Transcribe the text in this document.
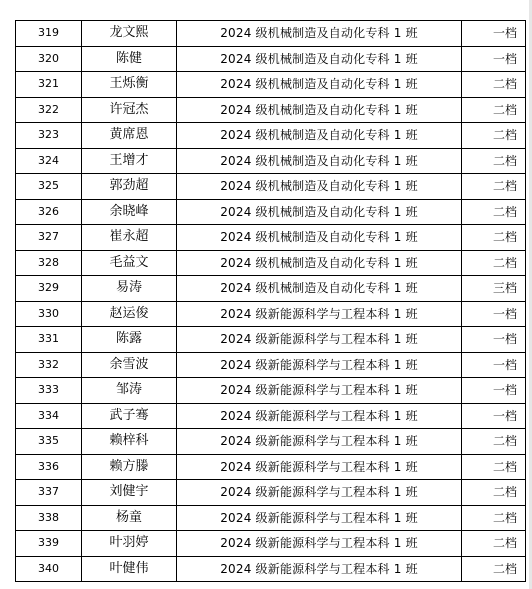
319	龙文熙	2024 级机械制造及自动化专科 1 班	一档
320	陈健	2024 级机械制造及自动化专科 1 班	一档
321	王烁衡	2024 级机械制造及自动化专科 1 班	二档
322	许冠杰	2024 级机械制造及自动化专科 1 班	二档
323	黄席恩	2024 级机械制造及自动化专科 1 班	二档
324	王增才	2024 级机械制造及自动化专科 1 班	二档
325	郭劲超	2024 级机械制造及自动化专科 1 班	二档
326	余晓峰	2024 级机械制造及自动化专科 1 班	二档
327	崔永超	2024 级机械制造及自动化专科 1 班	二档
328	毛益文	2024 级机械制造及自动化专科 1 班	二档
329	易涛	2024 级机械制造及自动化专科 1 班	三档
330	赵运俊	2024 级新能源科学与工程本科 1 班	一档
331	陈露	2024 级新能源科学与工程本科 1 班	一档
332	余雪波	2024 级新能源科学与工程本科 1 班	一档
333	邹涛	2024 级新能源科学与工程本科 1 班	一档
334	武子骞	2024 级新能源科学与工程本科 1 班	一档
335	赖梓科	2024 级新能源科学与工程本科 1 班	二档
336	赖方滕	2024 级新能源科学与工程本科 1 班	二档
337	刘健宇	2024 级新能源科学与工程本科 1 班	二档
338	杨童	2024 级新能源科学与工程本科 1 班	二档
339	叶羽婷	2024 级新能源科学与工程本科 1 班	二档
340	叶健伟	2024 级新能源科学与工程本科 1 班	二档
